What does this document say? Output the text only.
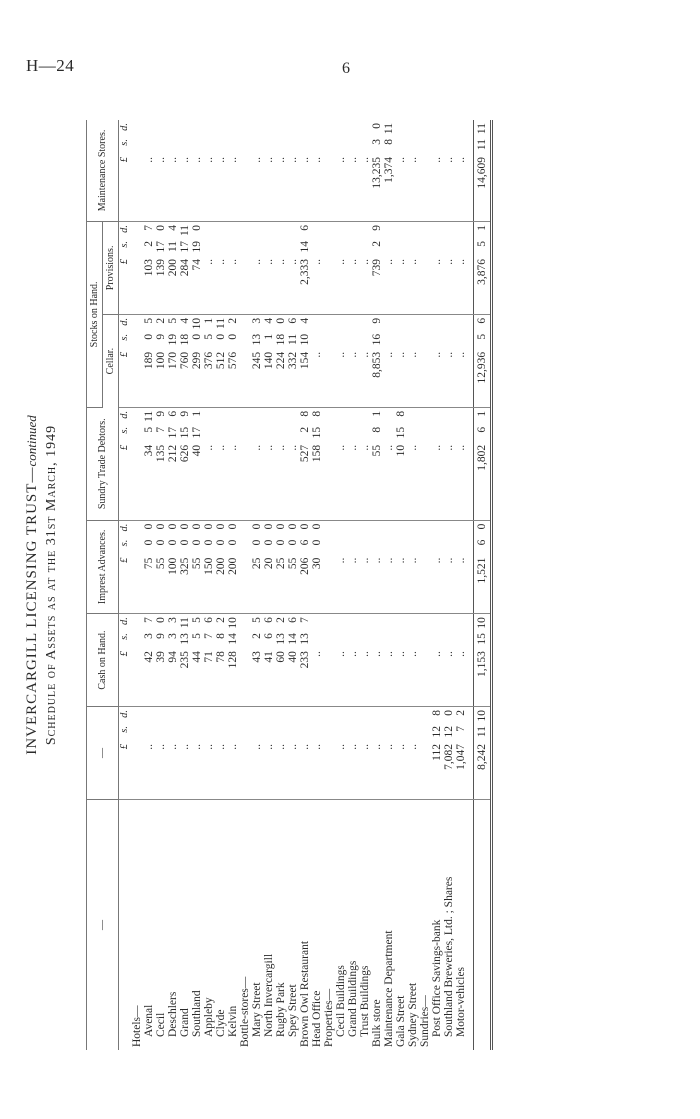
H—24	6
INVERCARGILL LICENSING TRUST—continued Schedule of Assets as at the 31st March, 1949
—	—	Cash on Hand.	Imprest Advances.	Sundry Trade Debtors.	Stocks on Hand.		Maintenance Stores.
					Cellar.	Provisions.	
	£s.d.	£s.d.	£s.d.	£s.d.	£s.d.	£s.d.	£s.d.
Hotels—							
Avenal	..	4237	7500	34511	18905	10327	..
Cecil	..	3990	5500	13579	10092	139170	..
Deschlers	..	9433	10000	212176	170195	200114	..
Grand	..	2351311	32500	626159	760184	2841711	..
Southland	..	4455	5500	40171	299010	74190	..
Appleby	..	7176	15000	..	37651	..	..
Clyde	..	7882	20000	..	512011	..	..
Kelvin	..	1281410	20000	..	57602	..	..
Bottle-stores—							
Mary Street	..	4325	2500	..	245133	..	..
North Invercargill	..	4166	2000	..	14014	..	..
Rugby Park	..	60132	2500	..	224180	..	..
Spey Street	..	40146	5500	..	332116	..	..
Brown Owl Restaurant	..	233137	20660	52728	154104	2,333146	..
Head Office	..	..	3000	158158	..	..	..
Properties—							
Cecil Buildings	..	..	..	..	..	..	..
Grand Buildings	..	..	..	..	..	..	..
Trust Buildings	..	..	..	..	..	..	..
Bulk store	..	..	..	5581	8,853169	73929	13,23530
Maintenance Department	..	..	..	..	..	..	1,374811
Gala Street	..	..	..	10158	..	..	..
Sydney Street	..	..	..	..	..	..	..
Sundries—							
Post Office Savings-bank	112128	..	..	..	..	..	..
Southland Breweries, Ltd. ; Shares	7,082120	..	..	..	..	..	..
Motor-vehicles	1,04772	..	..	..	..	..	..

	8,2421110	1,1531510	1,52160	1,80261	12,93656	3,87651	14,6091111
